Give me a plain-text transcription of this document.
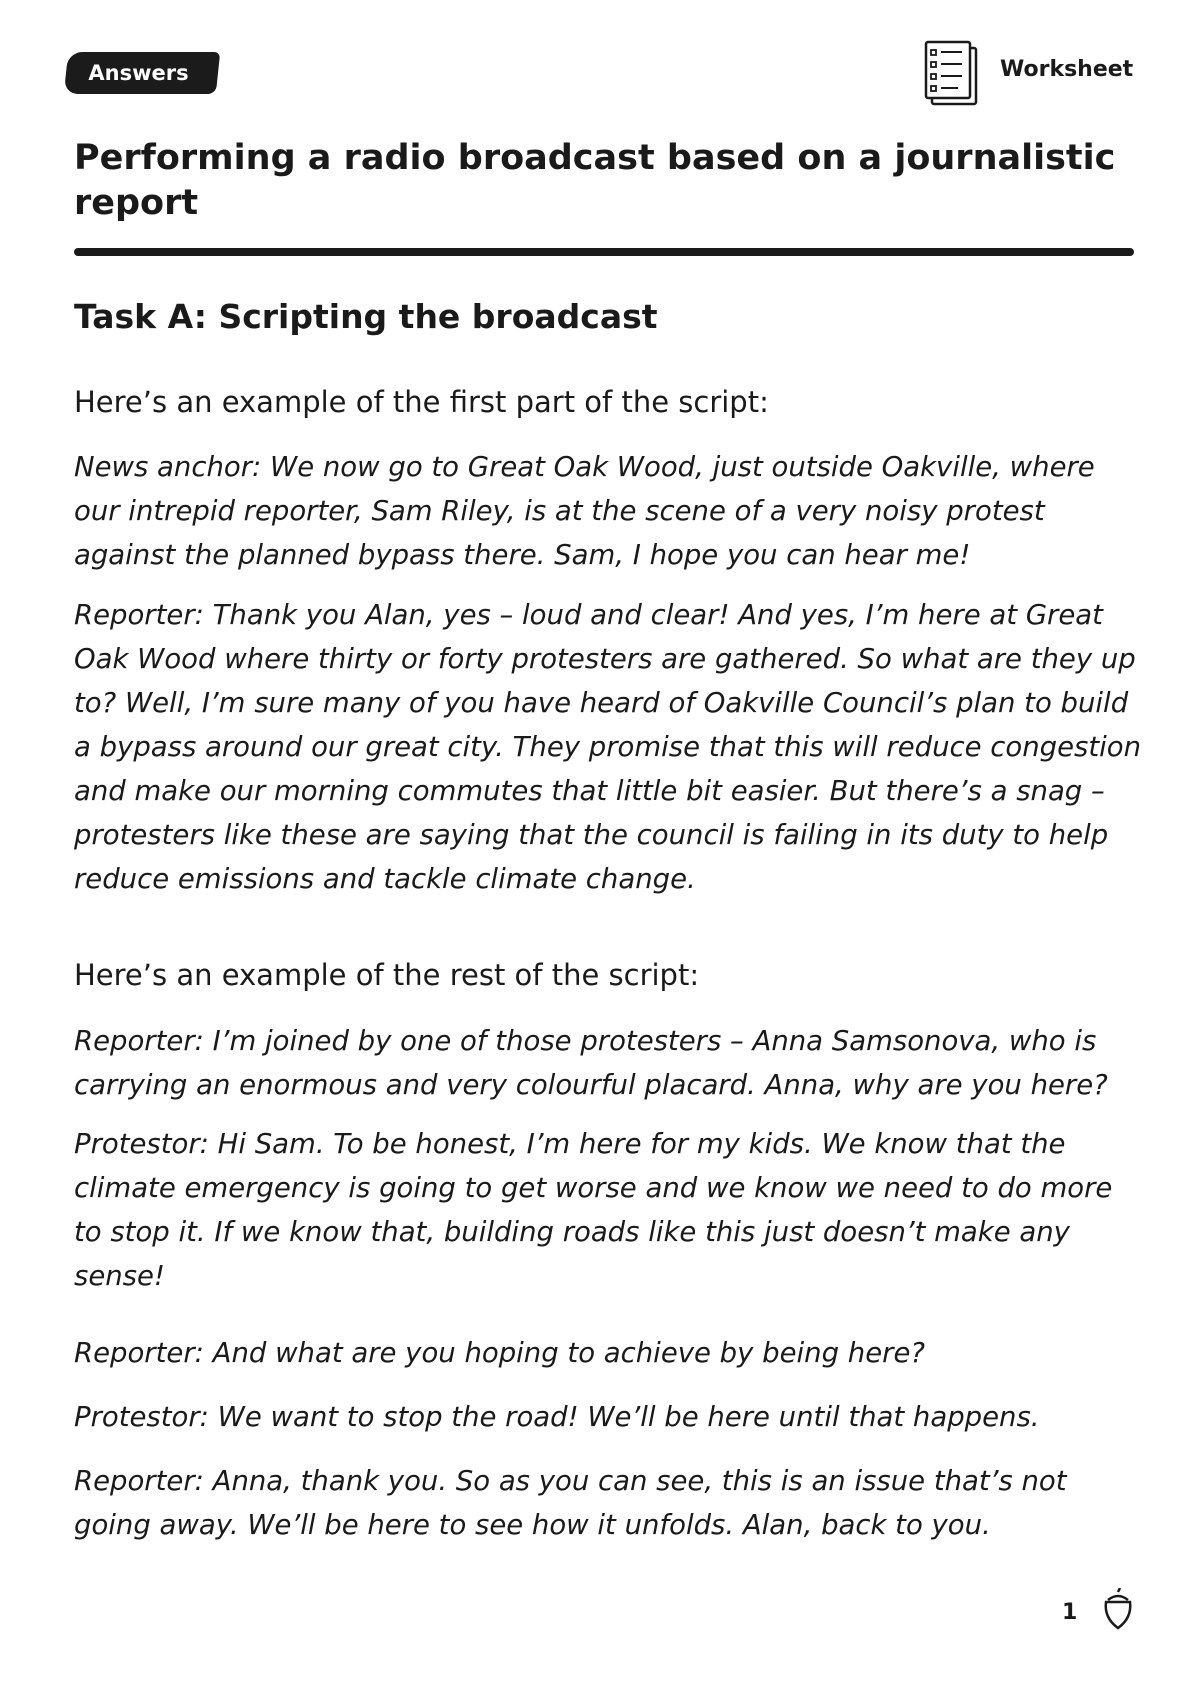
Answers	Worksheet
Performing a radio broadcast based on a journalistic report
Task A: Scripting the broadcast

Here’s an example of the first part of the script:

News anchor: We now go to Great Oak Wood, just outside Oakville, where our intrepid reporter, Sam Riley, is at the scene of a very noisy protest against the planned bypass there. Sam, I hope you can hear me!

Reporter: Thank you Alan, yes – loud and clear! And yes, I’m here at Great Oak Wood where thirty or forty protesters are gathered. So what are they up to? Well, I’m sure many of you have heard of Oakville Council’s plan to build a bypass around our great city. They promise that this will reduce congestion and make our morning commutes that little bit easier. But there’s a snag – protesters like these are saying that the council is failing in its duty to help reduce emissions and tackle climate change.

Here’s an example of the rest of the script:

Reporter: I’m joined by one of those protesters – Anna Samsonova, who is carrying an enormous and very colourful placard. Anna, why are you here?

Protestor: Hi Sam. To be honest, I’m here for my kids. We know that the climate emergency is going to get worse and we know we need to do more to stop it. If we know that, building roads like this just doesn’t make any sense!

Reporter: And what are you hoping to achieve by being here?

Protestor: We want to stop the road! We’ll be here until that happens.

Reporter: Anna, thank you. So as you can see, this is an issue that’s not going away. We’ll be here to see how it unfolds. Alan, back to you.

1
